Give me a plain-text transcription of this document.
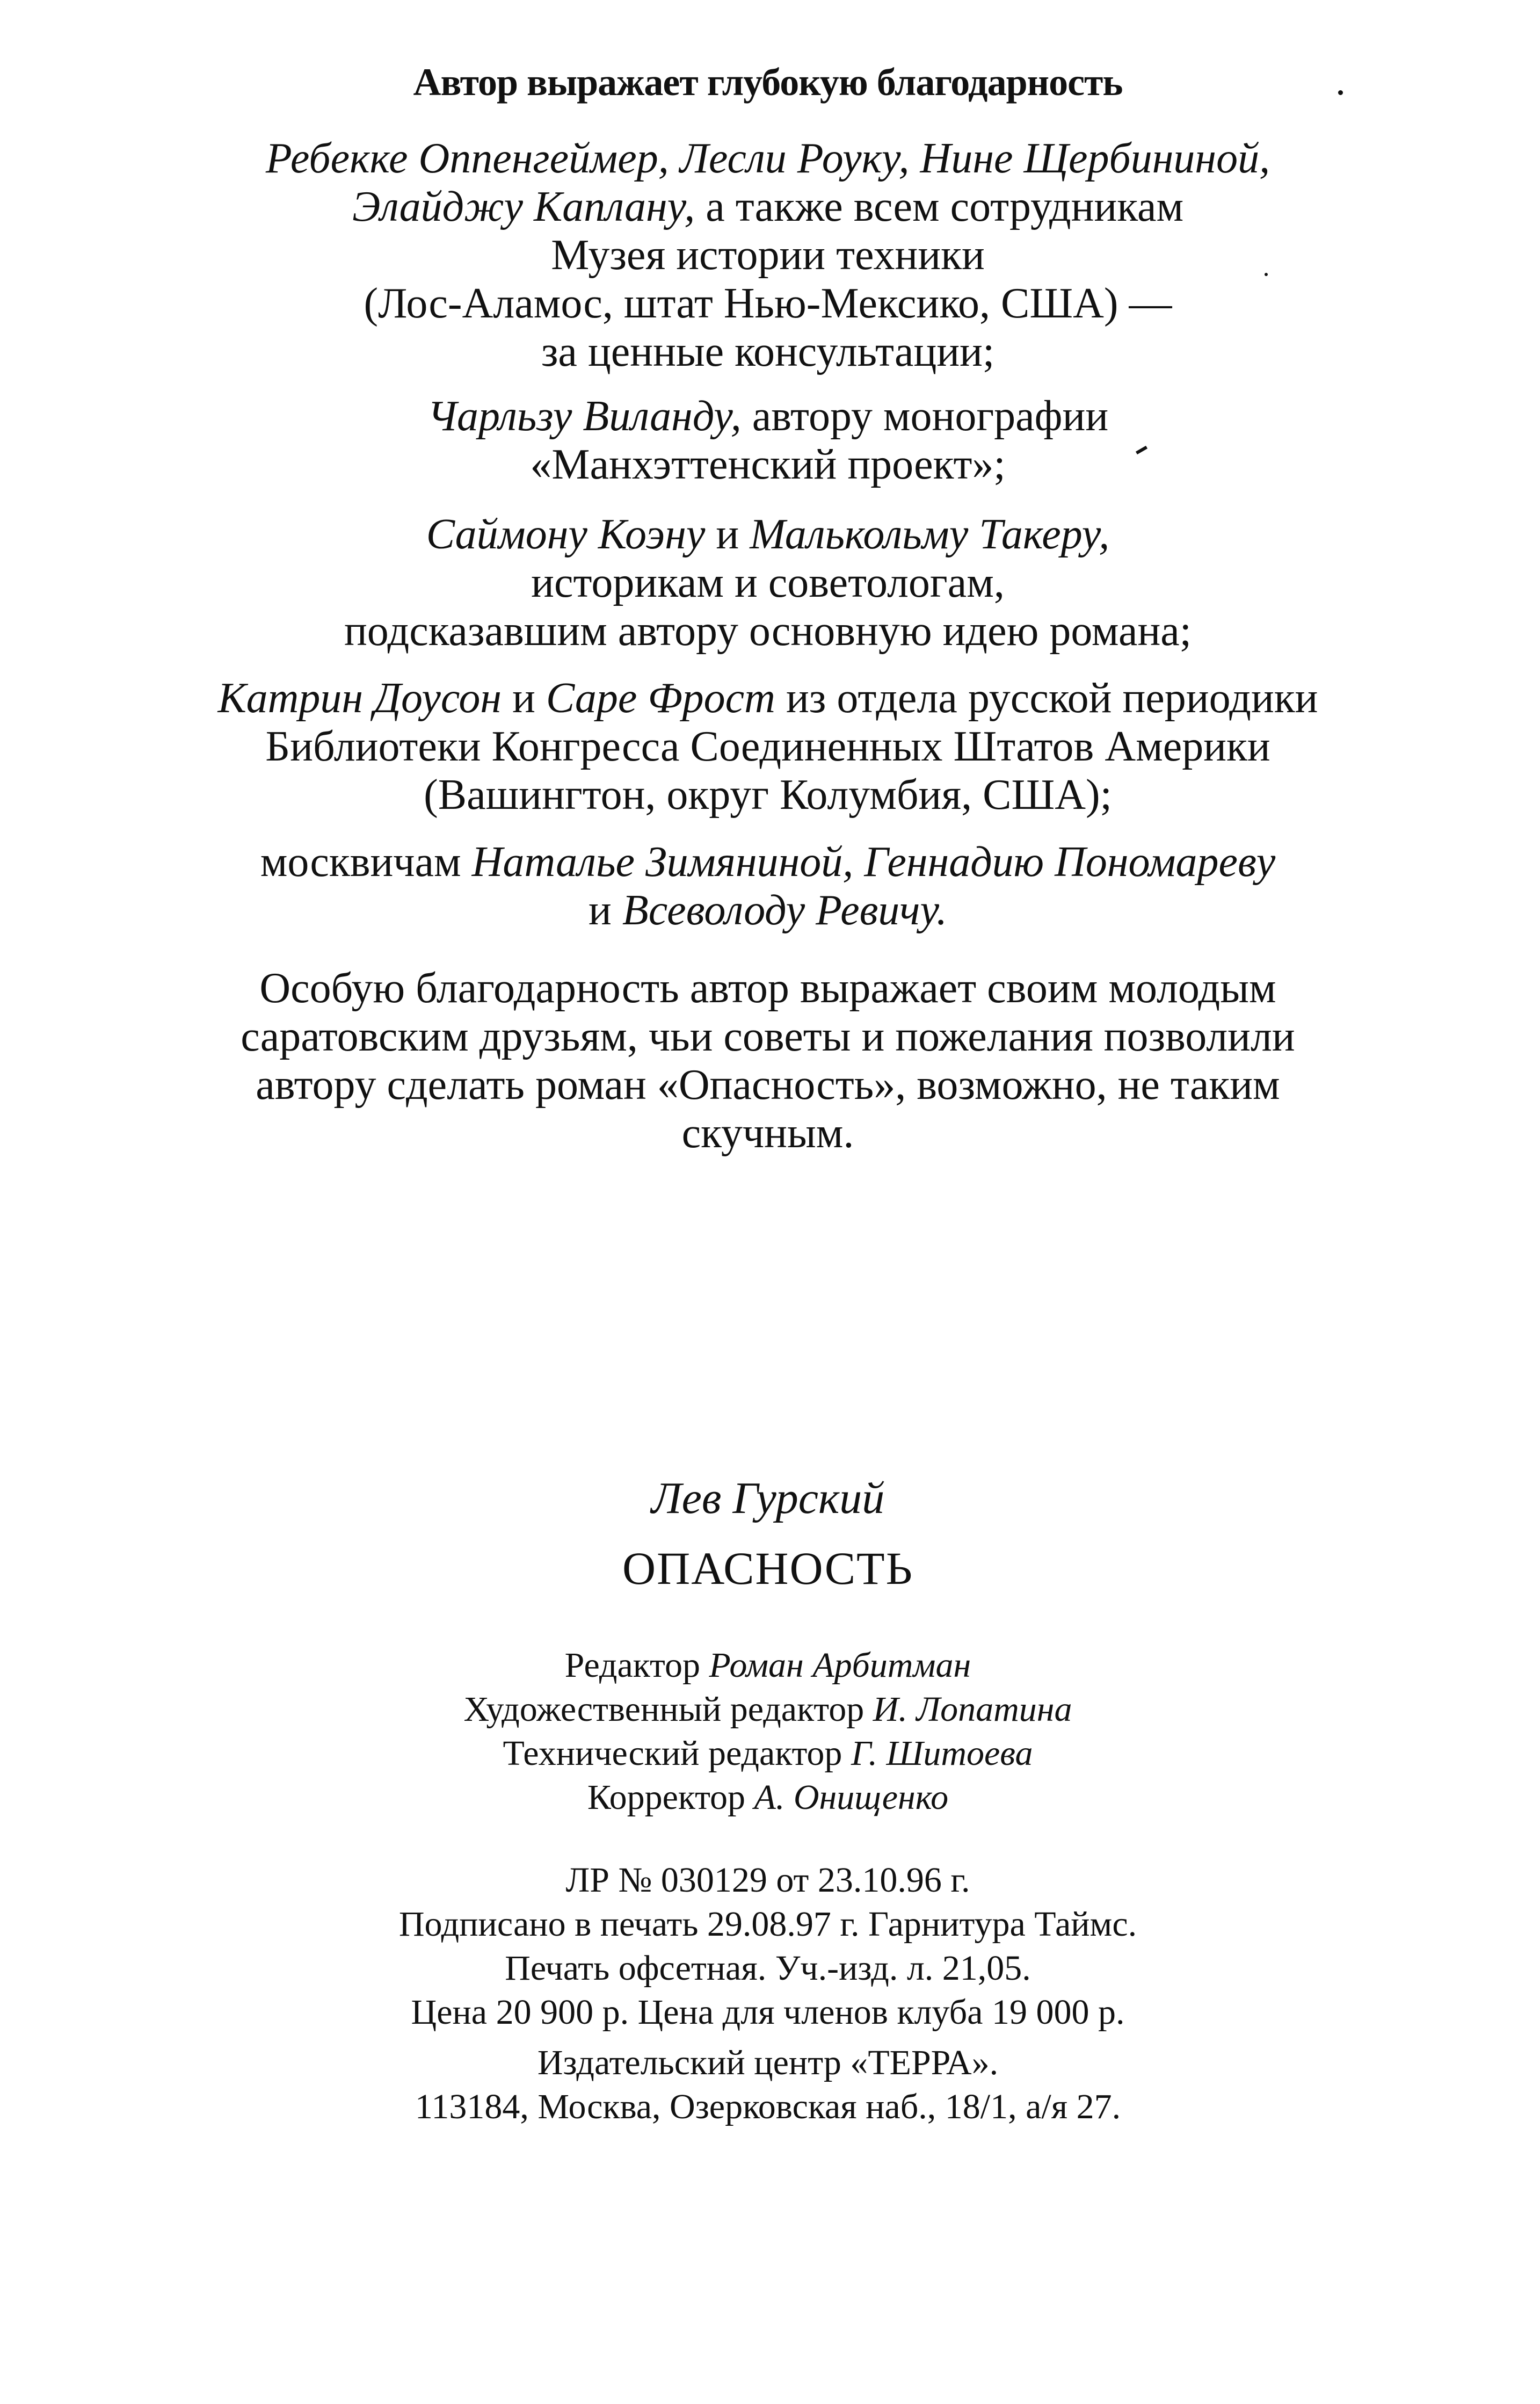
Автор выражает глубокую благодарность
Ребекке Оппенгеймер, Лесли Роуку, Нине Щербининой,
Элайджу Каплану, а также всем сотрудникам
Музея истории техники
(Лос-Аламос, штат Нью-Мексико, США) —
за ценные консультации;
Чарльзу Виланду, автору монографии
«Манхэттенский проект»;
Саймону Коэну и Малькольму Такеру,
историкам и советологам,
подсказавшим автору основную идею романа;
Катрин Доусон и Саре Фрост из отдела русской периодики
Библиотеки Конгресса Соединенных Штатов Америки
(Вашингтон, округ Колумбия, США);
москвичам Наталье Зимяниной, Геннадию Пономареву
и Всеволоду Ревичу.
Особую благодарность автор выражает своим молодым
саратовским друзьям, чьи советы и пожелания позволили
автору сделать роман «Опасность», возможно, не таким
скучным.
Лев Гурский
ОПАСНОСТЬ
Редактор Роман Арбитман
Художественный редактор И. Лопатина
Технический редактор Г. Шитоева
Корректор А. Онищенко
ЛР № 030129 от 23.10.96 г.
Подписано в печать 29.08.97 г. Гарнитура Таймс.
Печать офсетная. Уч.-изд. л. 21,05.
Цена 20 900 р. Цена для членов клуба 19 000 р.
Издательский центр «ТЕРРА».
113184, Москва, Озерковская наб., 18/1, а/я 27.
